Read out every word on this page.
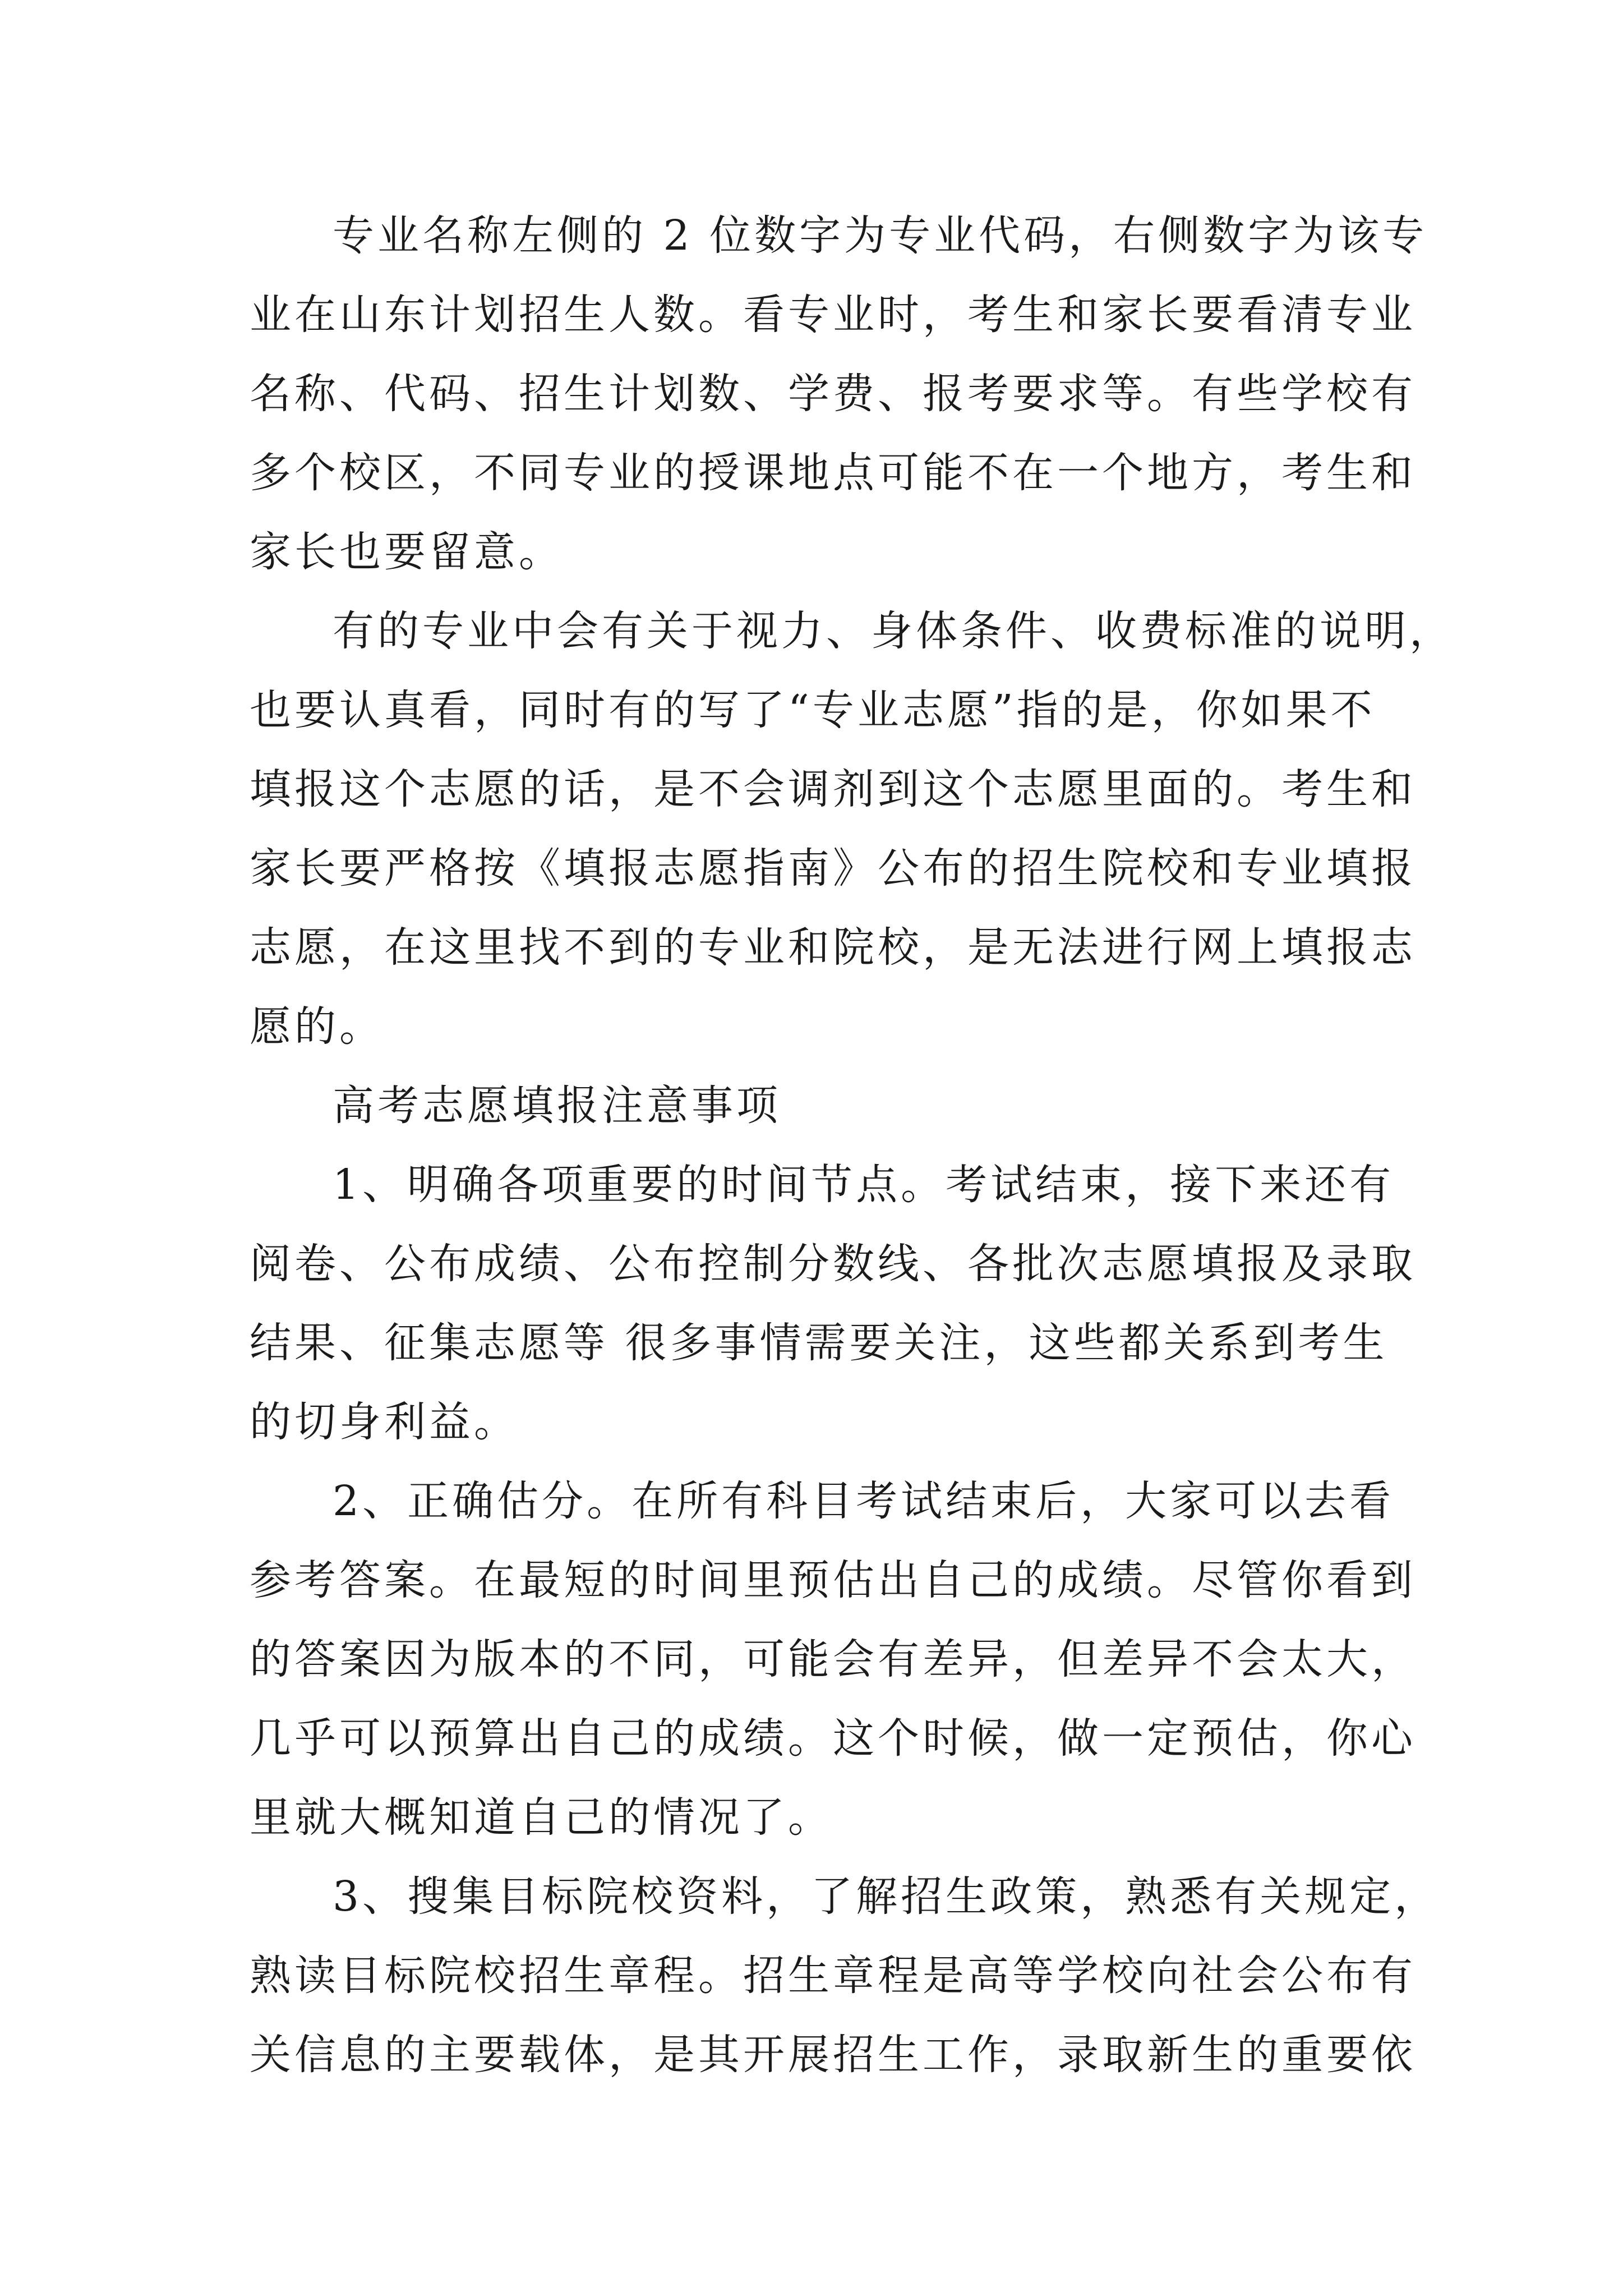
专业名称左侧的 2 位数字为专业代码，右侧数字为该专
业在山东计划招生人数。看专业时，考生和家长要看清专业
名称、代码、招生计划数、学费、报考要求等。有些学校有
多个校区，不同专业的授课地点可能不在一个地方，考生和
家长也要留意。
有的专业中会有关于视力、身体条件、收费标准的说明，
也要认真看，同时有的写了“专业志愿”指的是，你如果不
填报这个志愿的话，是不会调剂到这个志愿里面的。考生和
家长要严格按《填报志愿指南》公布的招生院校和专业填报
志愿，在这里找不到的专业和院校，是无法进行网上填报志
愿的。
高考志愿填报注意事项
1、明确各项重要的时间节点。考试结束，接下来还有
阅卷、公布成绩、公布控制分数线、各批次志愿填报及录取
结果、征集志愿等 很多事情需要关注，这些都关系到考生
的切身利益。
2、正确估分。在所有科目考试结束后，大家可以去看
参考答案。在最短的时间里预估出自己的成绩。尽管你看到
的答案因为版本的不同，可能会有差异，但差异不会太大，
几乎可以预算出自己的成绩。这个时候，做一定预估，你心
里就大概知道自己的情况了。
3、搜集目标院校资料，了解招生政策，熟悉有关规定，
熟读目标院校招生章程。招生章程是高等学校向社会公布有
关信息的主要载体，是其开展招生工作，录取新生的重要依
